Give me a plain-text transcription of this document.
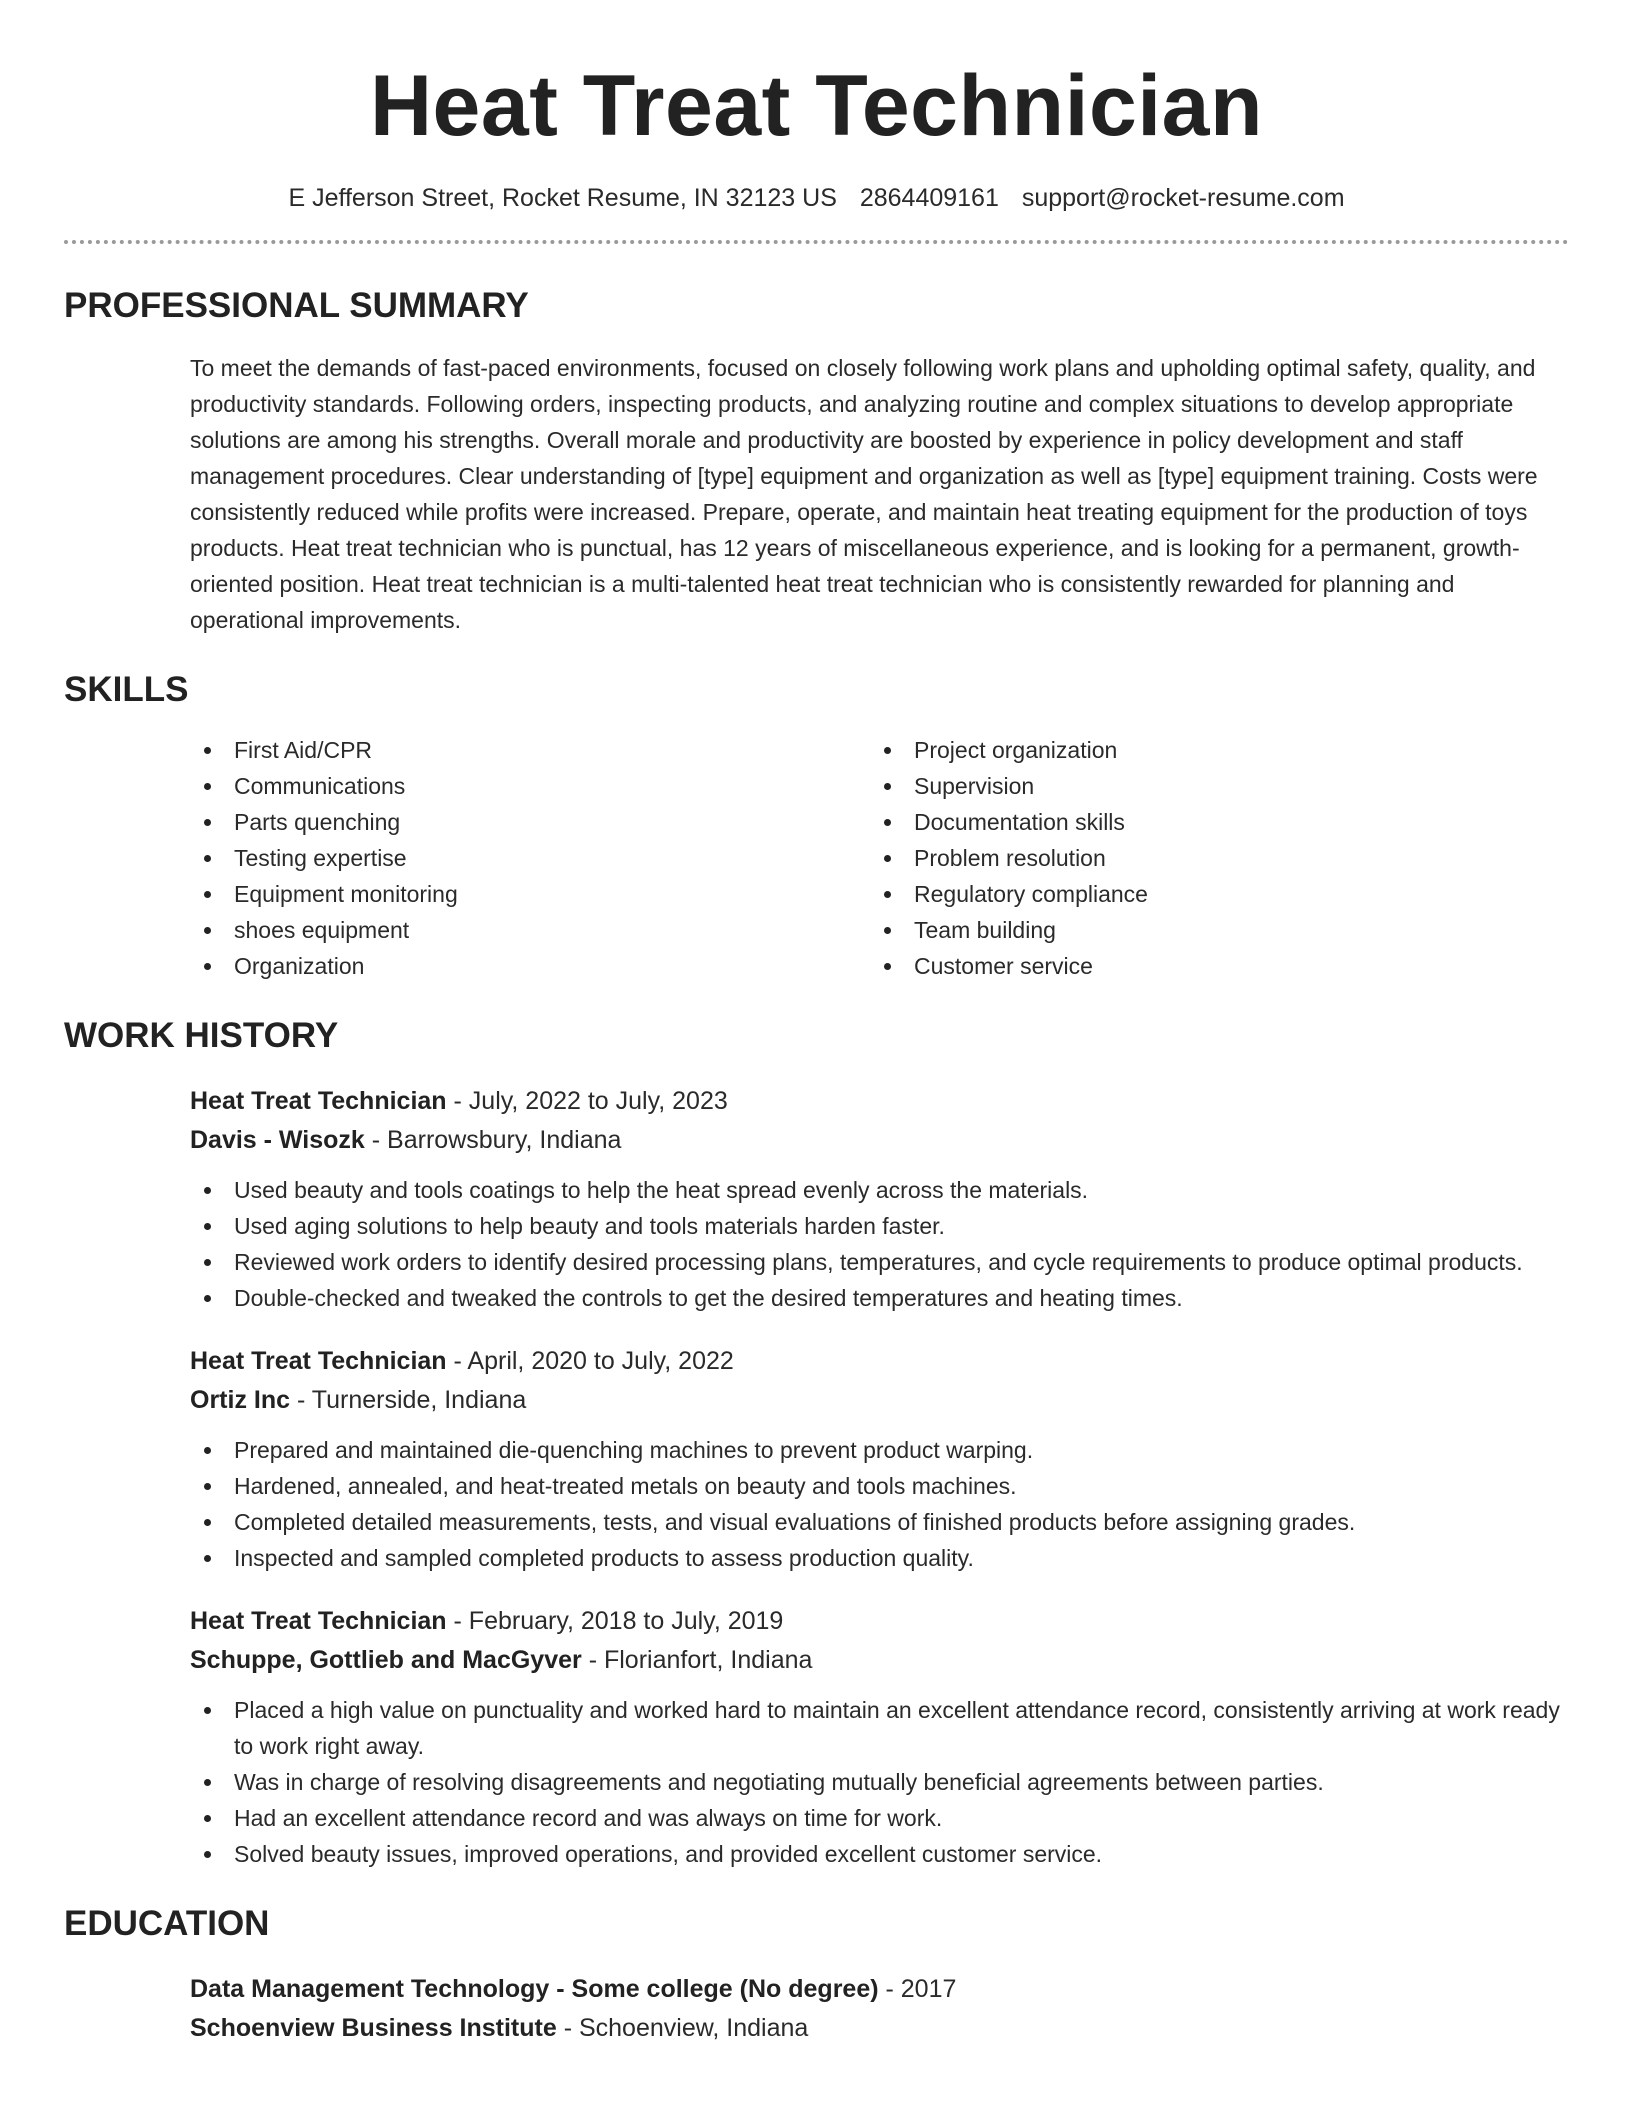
Heat Treat Technician
E Jefferson Street, Rocket Resume, IN 32123 US 2864409161 support@rocket-resume.com
PROFESSIONAL SUMMARY
To meet the demands of fast-paced environments, focused on closely following work plans and upholding optimal safety, quality, and productivity standards. Following orders, inspecting products, and analyzing routine and complex situations to develop appropriate solutions are among his strengths. Overall morale and productivity are boosted by experience in policy development and staff management procedures. Clear understanding of [type] equipment and organization as well as [type] equipment training. Costs were consistently reduced while profits were increased. Prepare, operate, and maintain heat treating equipment for the production of toys products. Heat treat technician who is punctual, has 12 years of miscellaneous experience, and is looking for a permanent, growth-oriented position. Heat treat technician is a multi-talented heat treat technician who is consistently rewarded for planning and operational improvements.
SKILLS
First Aid/CPR
Communications
Parts quenching
Testing expertise
Equipment monitoring
shoes equipment
Organization
Project organization
Supervision
Documentation skills
Problem resolution
Regulatory compliance
Team building
Customer service
WORK HISTORY
Heat Treat Technician - July, 2022 to July, 2023
Davis - Wisozk - Barrowsbury, Indiana
Used beauty and tools coatings to help the heat spread evenly across the materials.
Used aging solutions to help beauty and tools materials harden faster.
Reviewed work orders to identify desired processing plans, temperatures, and cycle requirements to produce optimal products.
Double-checked and tweaked the controls to get the desired temperatures and heating times.
Heat Treat Technician - April, 2020 to July, 2022
Ortiz Inc - Turnerside, Indiana
Prepared and maintained die-quenching machines to prevent product warping.
Hardened, annealed, and heat-treated metals on beauty and tools machines.
Completed detailed measurements, tests, and visual evaluations of finished products before assigning grades.
Inspected and sampled completed products to assess production quality.
Heat Treat Technician - February, 2018 to July, 2019
Schuppe, Gottlieb and MacGyver - Florianfort, Indiana
Placed a high value on punctuality and worked hard to maintain an excellent attendance record, consistently arriving at work ready to work right away.
Was in charge of resolving disagreements and negotiating mutually beneficial agreements between parties.
Had an excellent attendance record and was always on time for work.
Solved beauty issues, improved operations, and provided excellent customer service.
EDUCATION
Data Management Technology - Some college (No degree) - 2017
Schoenview Business Institute - Schoenview, Indiana
